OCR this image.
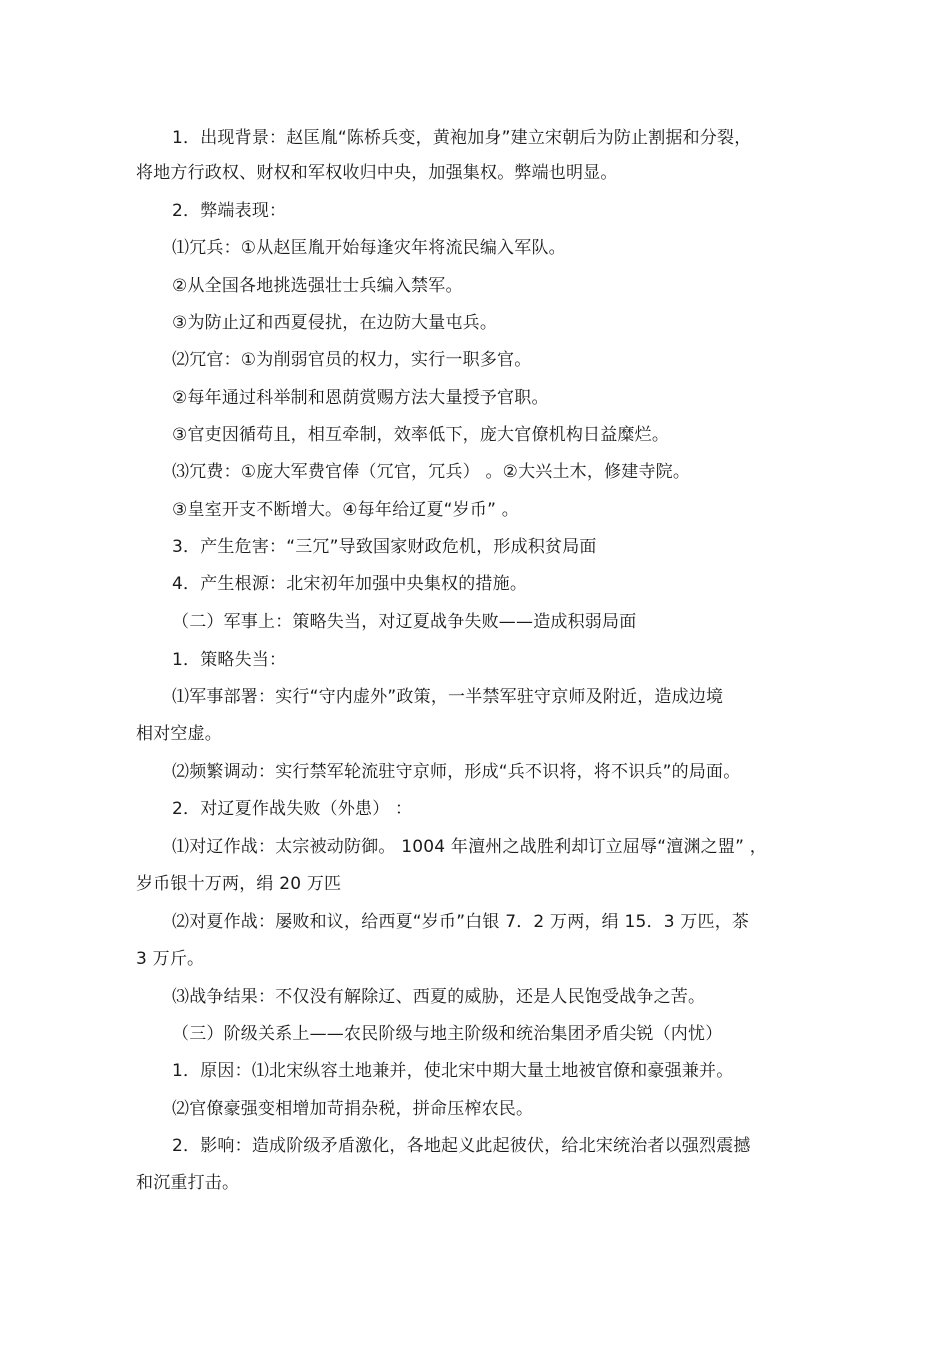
1．出现背景：赵匡胤“陈桥兵变，黄袍加身”建立宋朝后为防止割据和分裂，
将地方行政权、财权和军权收归中央，加强集权。弊端也明显。
2．弊端表现：
⑴冗兵：①从赵匡胤开始每逢灾年将流民编入军队。
②从全国各地挑选强壮士兵编入禁军。
③为防止辽和西夏侵扰，在边防大量屯兵。
⑵冗官：①为削弱官员的权力，实行一职多官。
②每年通过科举制和恩荫赏赐方法大量授予官职。
③官吏因循苟且，相互牵制，效率低下，庞大官僚机构日益糜烂。
⑶冗费：①庞大军费官俸（冗官，冗兵） 。②大兴土木，修建寺院。
③皇室开支不断增大。④每年给辽夏“岁币” 。
3．产生危害：“三冗”导致国家财政危机，形成积贫局面
4．产生根源：北宋初年加强中央集权的措施。
（二）军事上：策略失当，对辽夏战争失败——造成积弱局面
1．策略失当：
⑴军事部署：实行“守内虚外”政策，一半禁军驻守京师及附近，造成边境
相对空虚。
⑵频繁调动：实行禁军轮流驻守京师，形成“兵不识将，将不识兵”的局面。
2．对辽夏作战失败（外患） ：
⑴对辽作战：太宗被动防御。 1004 年澶州之战胜利却订立屈辱“澶渊之盟” ，
岁币银十万两，绢 20 万匹
⑵对夏作战：屡败和议，给西夏“岁币”白银 7．2 万两，绢 15．3 万匹，茶
3 万斤。
⑶战争结果：不仅没有解除辽、西夏的威胁，还是人民饱受战争之苦。
（三）阶级关系上——农民阶级与地主阶级和统治集团矛盾尖锐（内忧）
1．原因：⑴北宋纵容土地兼并，使北宋中期大量土地被官僚和豪强兼并。
⑵官僚豪强变相增加苛捐杂税，拼命压榨农民。
2．影响：造成阶级矛盾激化，各地起义此起彼伏，给北宋统治者以强烈震撼
和沉重打击。
